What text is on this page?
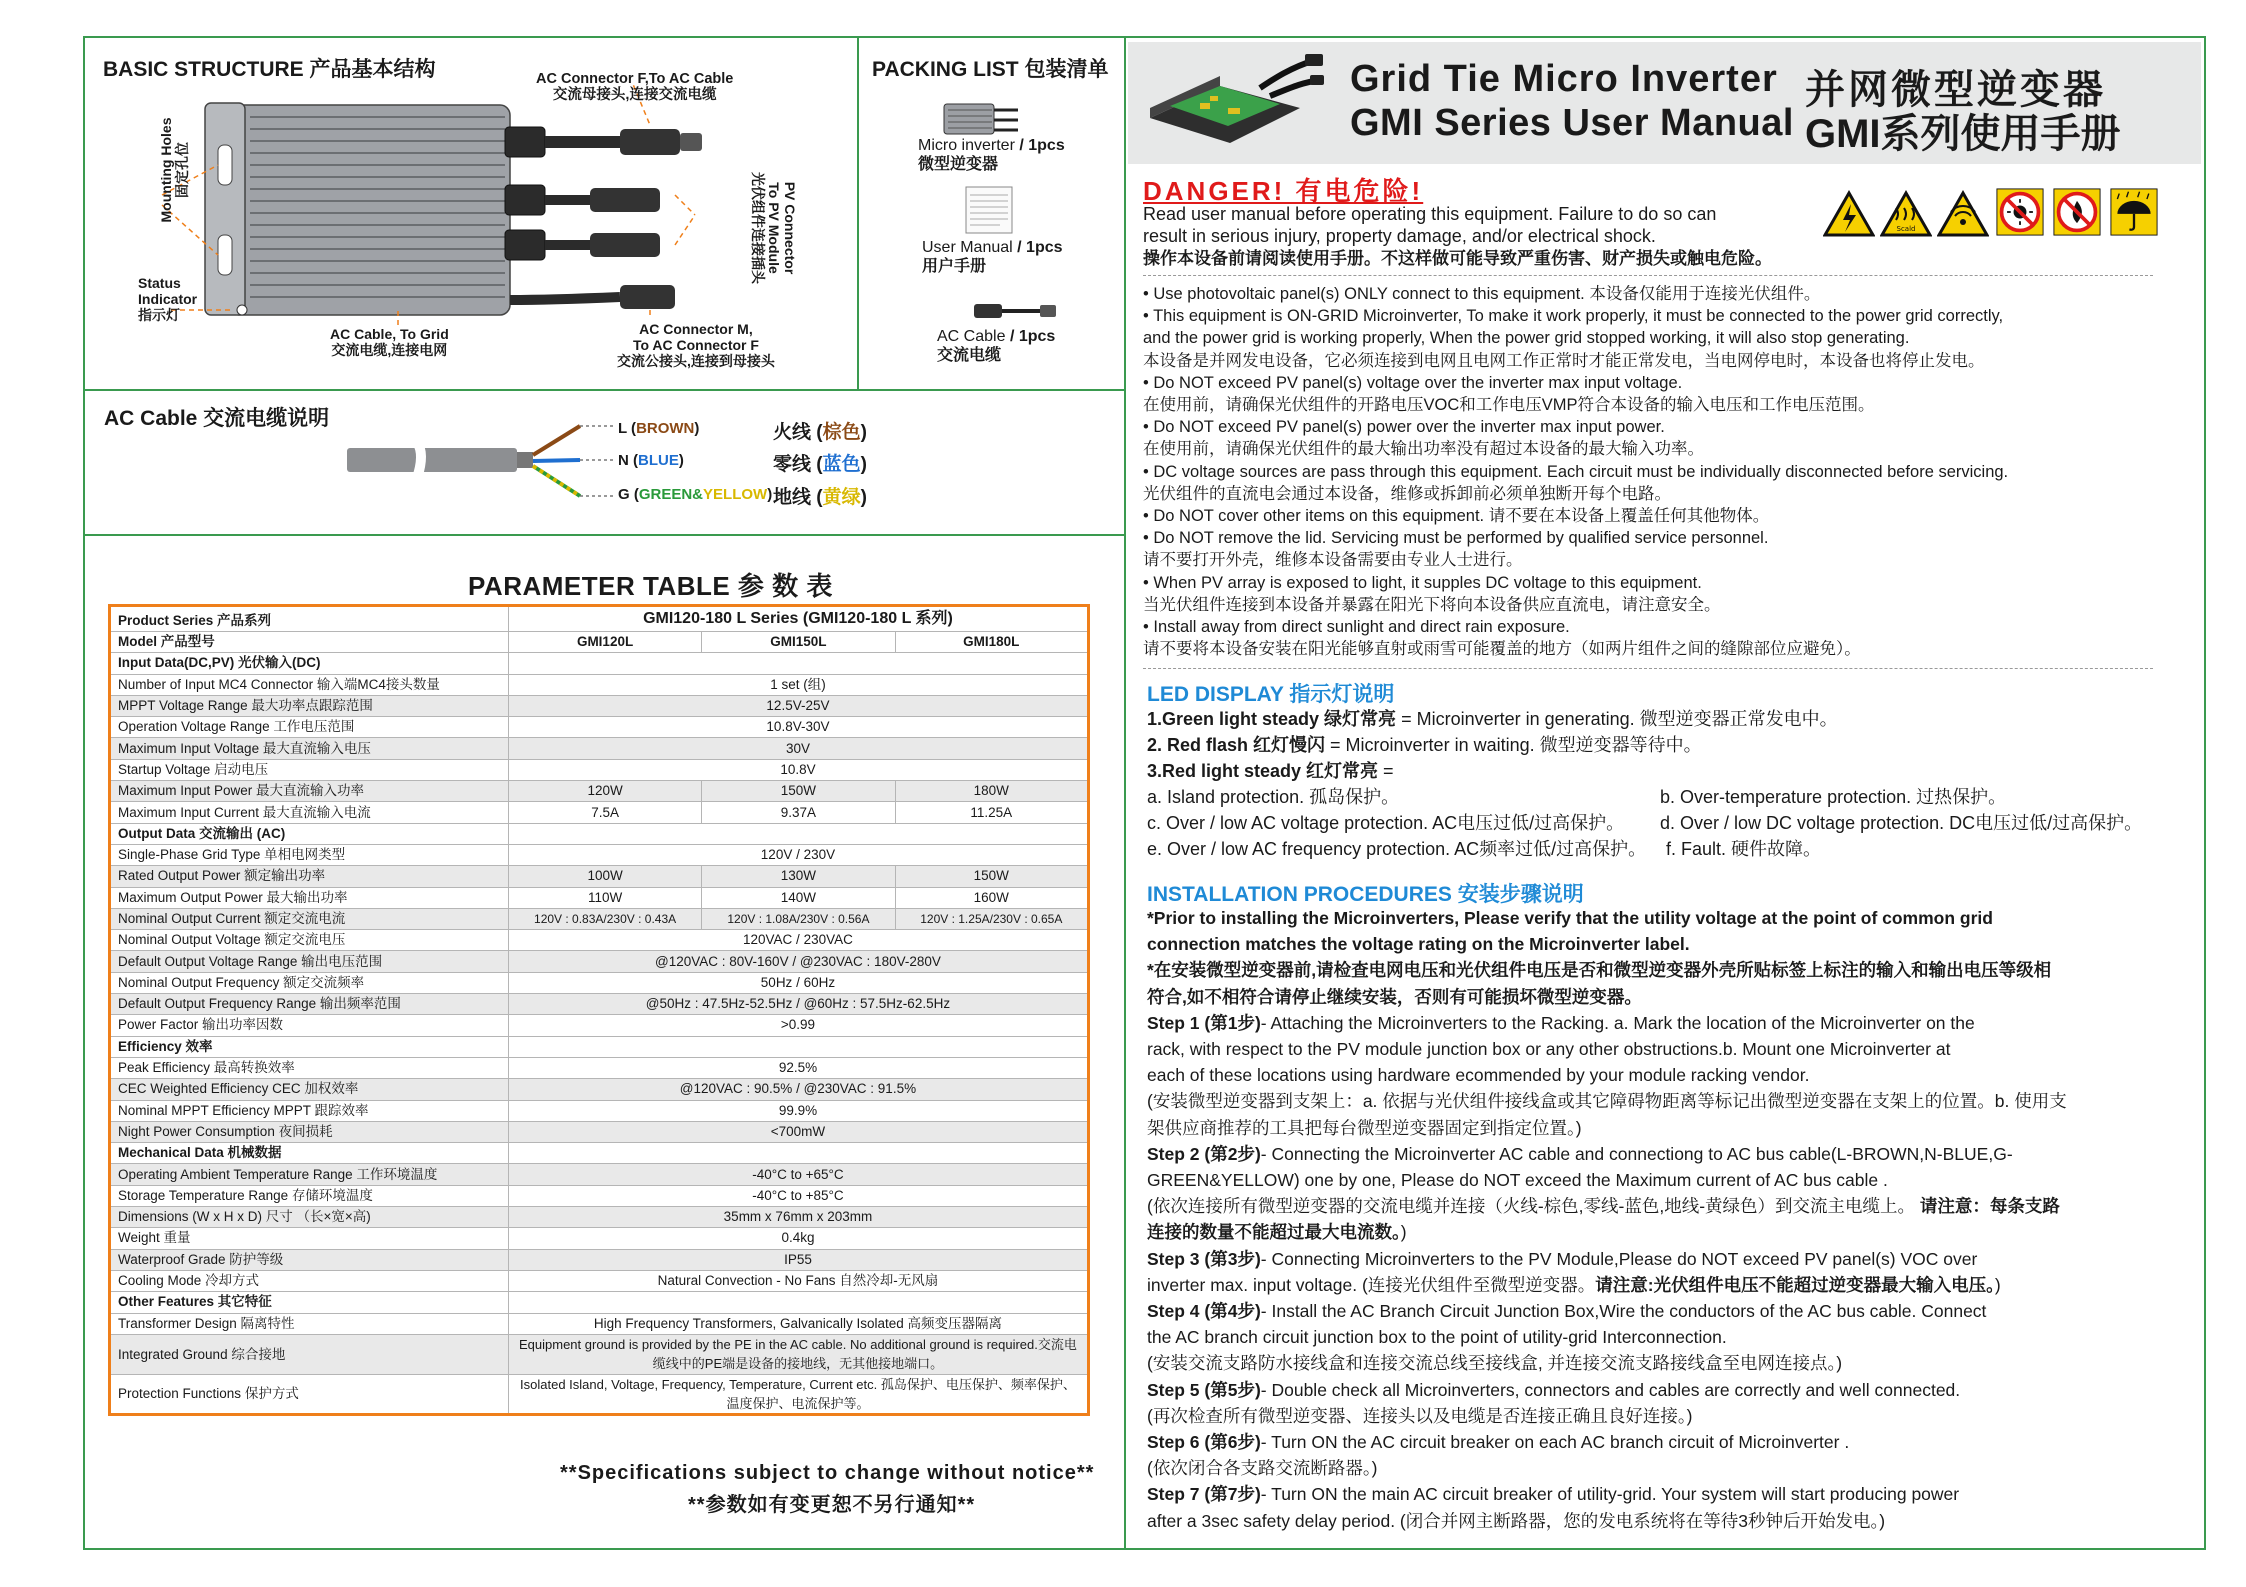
BASIC STRUCTURE 产品基本结构	AC Connector F,To AC Cable
交流母接头,连接交流电缆
Mounting Holes 固定孔位
PV Connector
To PV Module
光伏组件连接插头
Status
Indicator
指示灯
AC Cable, To Grid
交流电缆,连接电网
AC Connector M,
To AC Connector F
交流公接头,连接到母接头
PACKING LIST 包装清单
Micro inverter / 1pcs
微型逆变器
User Manual / 1pcs
用户手册
AC Cable / 1pcs
交流电缆
AC Cable 交流电缆说明	L (BROWN)
N (BLUE)
G (GREEN&YELLOW)
火线 (棕色)
零线 (蓝色)
地线 (黄绿)
PARAMETER TABLE 参 数 表
Product Series 产品系列	GMI120-180 L Series (GMI120-180 L 系列)		
Model 产品型号	GMI120L	GMI150L	GMI180L
Input Data(DC,PV) 光伏输入(DC)			
Number of Input MC4 Connector 输入端MC4接头数量	1 set (组)		
MPPT Voltage Range 最大功率点跟踪范围	12.5V-25V		
Operation Voltage Range 工作电压范围	10.8V-30V		
Maximum Input Voltage 最大直流输入电压	30V		
Startup Voltage 启动电压	10.8V		
Maximum Input Power 最大直流输入功率	120W	150W	180W
Maximum Input Current 最大直流输入电流	7.5A	9.37A	11.25A
Output Data 交流输出 (AC)			
Single-Phase Grid Type 单相电网类型	120V / 230V		
Rated Output Power 额定输出功率	100W	130W	150W
Maximum Output Power 最大输出功率	110W	140W	160W
Nominal Output Current 额定交流电流	120V : 0.83A/230V : 0.43A	120V : 1.08A/230V : 0.56A	120V : 1.25A/230V : 0.65A
Nominal Output Voltage 额定交流电压	120VAC / 230VAC		
Default Output Voltage Range 输出电压范围	@120VAC : 80V-160V / @230VAC : 180V-280V		
Nominal Output Frequency 额定交流频率	50Hz / 60Hz		
Default Output Frequency Range 输出频率范围	@50Hz : 47.5Hz-52.5Hz / @60Hz : 57.5Hz-62.5Hz		
Power Factor 输出功率因数	>0.99		
Efficiency 效率			
Peak Efficiency 最高转换效率	92.5%		
CEC Weighted Efficiency CEC 加权效率	@120VAC : 90.5% / @230VAC : 91.5%		
Nominal MPPT Efficiency MPPT 跟踪效率	99.9%		
Night Power Consumption 夜间损耗	<700mW		
Mechanical Data 机械数据			
Operating Ambient Temperature Range 工作环境温度	-40°C to +65°C		
Storage Temperature Range 存储环境温度	-40°C to +85°C		
Dimensions (W x H x D) 尺寸 （长×宽×高)	35mm x 76mm x 203mm		
Weight 重量	0.4kg		
Waterproof Grade 防护等级	IP55		
Cooling Mode 冷却方式	Natural Convection - No Fans 自然冷却-无风扇		
Other Features 其它特征			
Transformer Design 隔离特性	High Frequency Transformers, Galvanically Isolated 高频变压器隔离		
Integrated Ground 综合接地	Equipment ground is provided by the PE in the AC cable. No additional ground is required.交流电缆线中的PE端是设备的接地线，无其他接地端口。		
Protection Functions 保护方式	Isolated Island, Voltage, Frequency, Temperature, Current etc. 孤岛保护、电压保护、频率保护、温度保护、电流保护等。		
**Specifications subject to change without notice**
**参数如有变更恕不另行通知**
Grid Tie Micro Inverter
GMI Series User Manual
并网微型逆变器
GMI系列使用手册
DANGER! 有电危险!
Read user manual before operating this equipment. Failure to do so can
result in serious injury, property damage, and/or electrical shock.
操作本设备前请阅读使用手册。不这样做可能导致严重伤害、财产损失或触电危险。
Scald
• Use photovoltaic panel(s) ONLY connect to this equipment. 本设备仅能用于连接光伏组件。
• This equipment is ON-GRID Microinverter, To make it work properly, it must be connected to the power grid correctly,
and the power grid is working properly, When the power grid stopped working, it will also stop generating.
本设备是并网发电设备，它必须连接到电网且电网工作正常时才能正常发电，当电网停电时，本设备也将停止发电。
• Do NOT exceed PV panel(s) voltage over the inverter max input voltage.
在使用前，请确保光伏组件的开路电压VOC和工作电压VMP符合本设备的输入电压和工作电压范围。
• Do NOT exceed PV panel(s) power over the inverter max input power.
在使用前，请确保光伏组件的最大输出功率没有超过本设备的最大输入功率。
• DC voltage sources are pass through this equipment. Each circuit must be individually disconnected before servicing.
光伏组件的直流电会通过本设备，维修或拆卸前必须单独断开每个电路。
• Do NOT cover other items on this equipment. 请不要在本设备上覆盖任何其他物体。
• Do NOT remove the lid. Servicing must be performed by qualified service personnel.
请不要打开外壳，维修本设备需要由专业人士进行。
• When PV array is exposed to light, it supples DC voltage to this equipment.
当光伏组件连接到本设备并暴露在阳光下将向本设备供应直流电，请注意安全。
• Install away from direct sunlight and direct rain exposure.
请不要将本设备安装在阳光能够直射或雨雪可能覆盖的地方（如两片组件之间的缝隙部位应避免）。
LED DISPLAY 指示灯说明
1.Green light steady 绿灯常亮 = Microinverter in generating. 微型逆变器正常发电中。
2. Red flash 红灯慢闪 = Microinverter in waiting. 微型逆变器等待中。
3.Red light steady 红灯常亮 =
a. Island protection. 孤岛保护。	b. Over-temperature protection. 过热保护。
c. Over / low AC voltage protection. AC电压过低/过高保护。 d. Over / low DC voltage protection. DC电压过低/过高保护。
e. Over / low AC frequency protection. AC频率过低/过高保护。 f. Fault. 硬件故障。
INSTALLATION PROCEDURES 安装步骤说明
*Prior to installing the Microinverters, Please verify that the utility voltage at the point of common grid
connection matches the voltage rating on the Microinverter label.
*在安装微型逆变器前,请检查电网电压和光伏组件电压是否和微型逆变器外壳所贴标签上标注的输入和输出电压等级相
符合,如不相符合请停止继续安装，否则有可能损坏微型逆变器。
Step 1 (第1步)- Attaching the Microinverters to the Racking. a. Mark the location of the Microinverter on the
rack, with respect to the PV module junction box or any other obstructions.b. Mount one Microinverter at
each of these locations using hardware ecommended by your module racking vendor.
(安装微型逆变器到支架上：a. 依据与光伏组件接线盒或其它障碍物距离等标记出微型逆变器在支架上的位置。b. 使用支
架供应商推荐的工具把每台微型逆变器固定到指定位置。)
Step 2 (第2步)- Connecting the Microinverter AC cable and connectiong to AC bus cable(L-BROWN,N-BLUE,G-
GREEN&YELLOW) one by one, Please do NOT exceed the Maximum current of AC bus cable .
(依次连接所有微型逆变器的交流电缆并连接（火线-棕色,零线-蓝色,地线-黄绿色）到交流主电缆上。 请注意：每条支路
连接的数量不能超过最大电流数。)
Step 3 (第3步)- Connecting Microinverters to the PV Module,Please do NOT exceed PV panel(s) VOC over
inverter max. input voltage. (连接光伏组件至微型逆变器。请注意:光伏组件电压不能超过逆变器最大输入电压。)
Step 4 (第4步)- Install the AC Branch Circuit Junction Box,Wire the conductors of the AC bus cable. Connect
the AC branch circuit junction box to the point of utility-grid Interconnection.
(安装交流支路防水接线盒和连接交流总线至接线盒, 并连接交流支路接线盒至电网连接点。)
Step 5 (第5步)- Double check all Microinverters, connectors and cables are correctly and well connected.
(再次检查所有微型逆变器、连接头以及电缆是否连接正确且良好连接。)
Step 6 (第6步)- Turn ON the AC circuit breaker on each AC branch circuit of Microinverter .
(依次闭合各支路交流断路器。)
Step 7 (第7步)- Turn ON the main AC circuit breaker of utility-grid. Your system will start producing power
after a 3sec safety delay period. (闭合并网主断路器，您的发电系统将在等待3秒钟后开始发电。)
